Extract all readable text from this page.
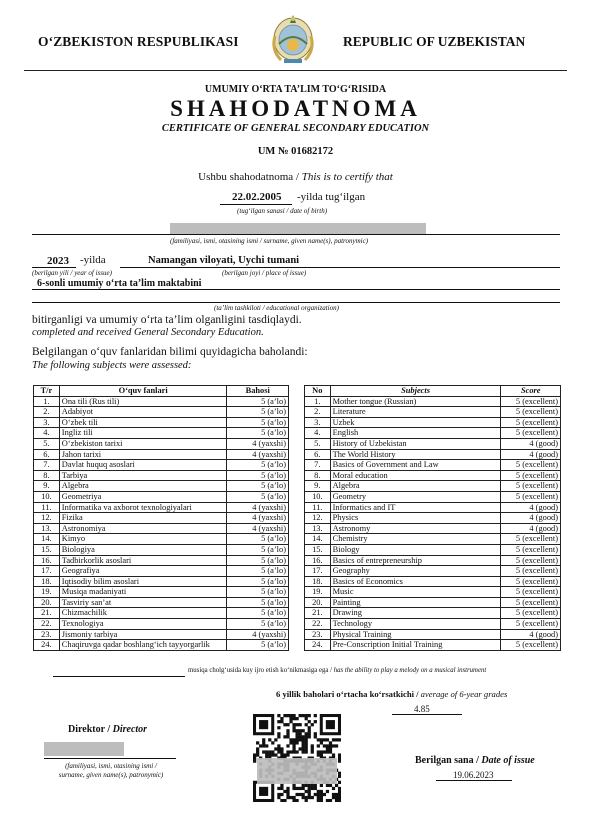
O‘ZBEKISTON RESPUBLIKASI	REPUBLIC OF UZBEKISTAN
UMUMIY O‘RTA TA’LIM TO‘G‘RISIDA
SHAHODATNOMA
CERTIFICATE OF GENERAL SECONDARY EDUCATION
UM № 01682172
Ushbu shahodatnoma / This is to certify that
22.02.2005 -yilda tug‘ilgan
(tug‘ilgan sanasi / date of birth)
(familiyasi, ismi, otasining ismi / surname, given name(s), patronymic)
2023 -yilda	Namangan viloyati, Uychi tumani
(berilgan yili / year of issue)	(berilgan joyi / place of issue)
6-sonli umumiy o‘rta ta’lim maktabini
(ta’lim tashkiloti / educational organization)
bitirganligi va umumiy o‘rta ta’lim olganligini tasdiqlaydi.
completed and received General Secondary Education.
Belgilangan o‘quv fanlaridan bilimi quyidagicha baholandi:
The following subjects were assessed:
T/r	O‘quv fanlari	Bahosi
1.	Ona tili (Rus tili)	5 (a’lo)
2.	Adabiyot	5 (a’lo)
3.	O‘zbek tili	5 (a’lo)
4.	Ingliz tili	5 (a’lo)
5.	O‘zbekiston tarixi	4 (yaxshi)
6.	Jahon tarixi	4 (yaxshi)
7.	Davlat huquq asoslari	5 (a’lo)
8.	Tarbiya	5 (a’lo)
9.	Algebra	5 (a’lo)
10.	Geometriya	5 (a’lo)
11.	Informatika va axborot texnologiyalari	4 (yaxshi)
12.	Fizika	4 (yaxshi)
13.	Astronomiya	4 (yaxshi)
14.	Kimyo	5 (a’lo)
15.	Biologiya	5 (a’lo)
16.	Tadbirkorlik asoslari	5 (a’lo)
17.	Geografiya	5 (a’lo)
18.	Iqtisodiy bilim asoslari	5 (a’lo)
19.	Musiqa madaniyati	5 (a’lo)
20.	Tasviriy san’at	5 (a’lo)
21.	Chizmachilik	5 (a’lo)
22.	Texnologiya	5 (a’lo)
23.	Jismoniy tarbiya	4 (yaxshi)
24.	Chaqiruvga qadar boshlang‘ich tayyorgarlik	5 (a’lo)
No	Subjects	Score
1.	Mother tongue (Russian)	5 (excellent)
2.	Literature	5 (excellent)
3.	Uzbek	5 (excellent)
4.	English	5 (excellent)
5.	History of Uzbekistan	4 (good)
6.	The World History	4 (good)
7.	Basics of Government and Law	5 (excellent)
8.	Moral education	5 (excellent)
9.	Algebra	5 (excellent)
10.	Geometry	5 (excellent)
11.	Informatics and IT	4 (good)
12.	Physics	4 (good)
13.	Astronomy	4 (good)
14.	Chemistry	5 (excellent)
15.	Biology	5 (excellent)
16.	Basics of entrepreneurship	5 (excellent)
17.	Geography	5 (excellent)
18.	Basics of Economics	5 (excellent)
19.	Music	5 (excellent)
20.	Painting	5 (excellent)
21.	Drawing	5 (excellent)
22.	Technology	5 (excellent)
23.	Physical Training	4 (good)
24.	Pre-Conscription Initial Training	5 (excellent)
musiqa cholg‘usida kuy ijro etish ko‘nikmasiga ega / has the ability to play a melody on a musical instrument
6 yillik baholari o‘rtacha ko‘rsatkichi / average of 6-year grades
4.85
Direktor / Director
(familiyasi, ismi, otasining ismi /
surname, given name(s), patronymic)
Berilgan sana / Date of issue
19.06.2023
